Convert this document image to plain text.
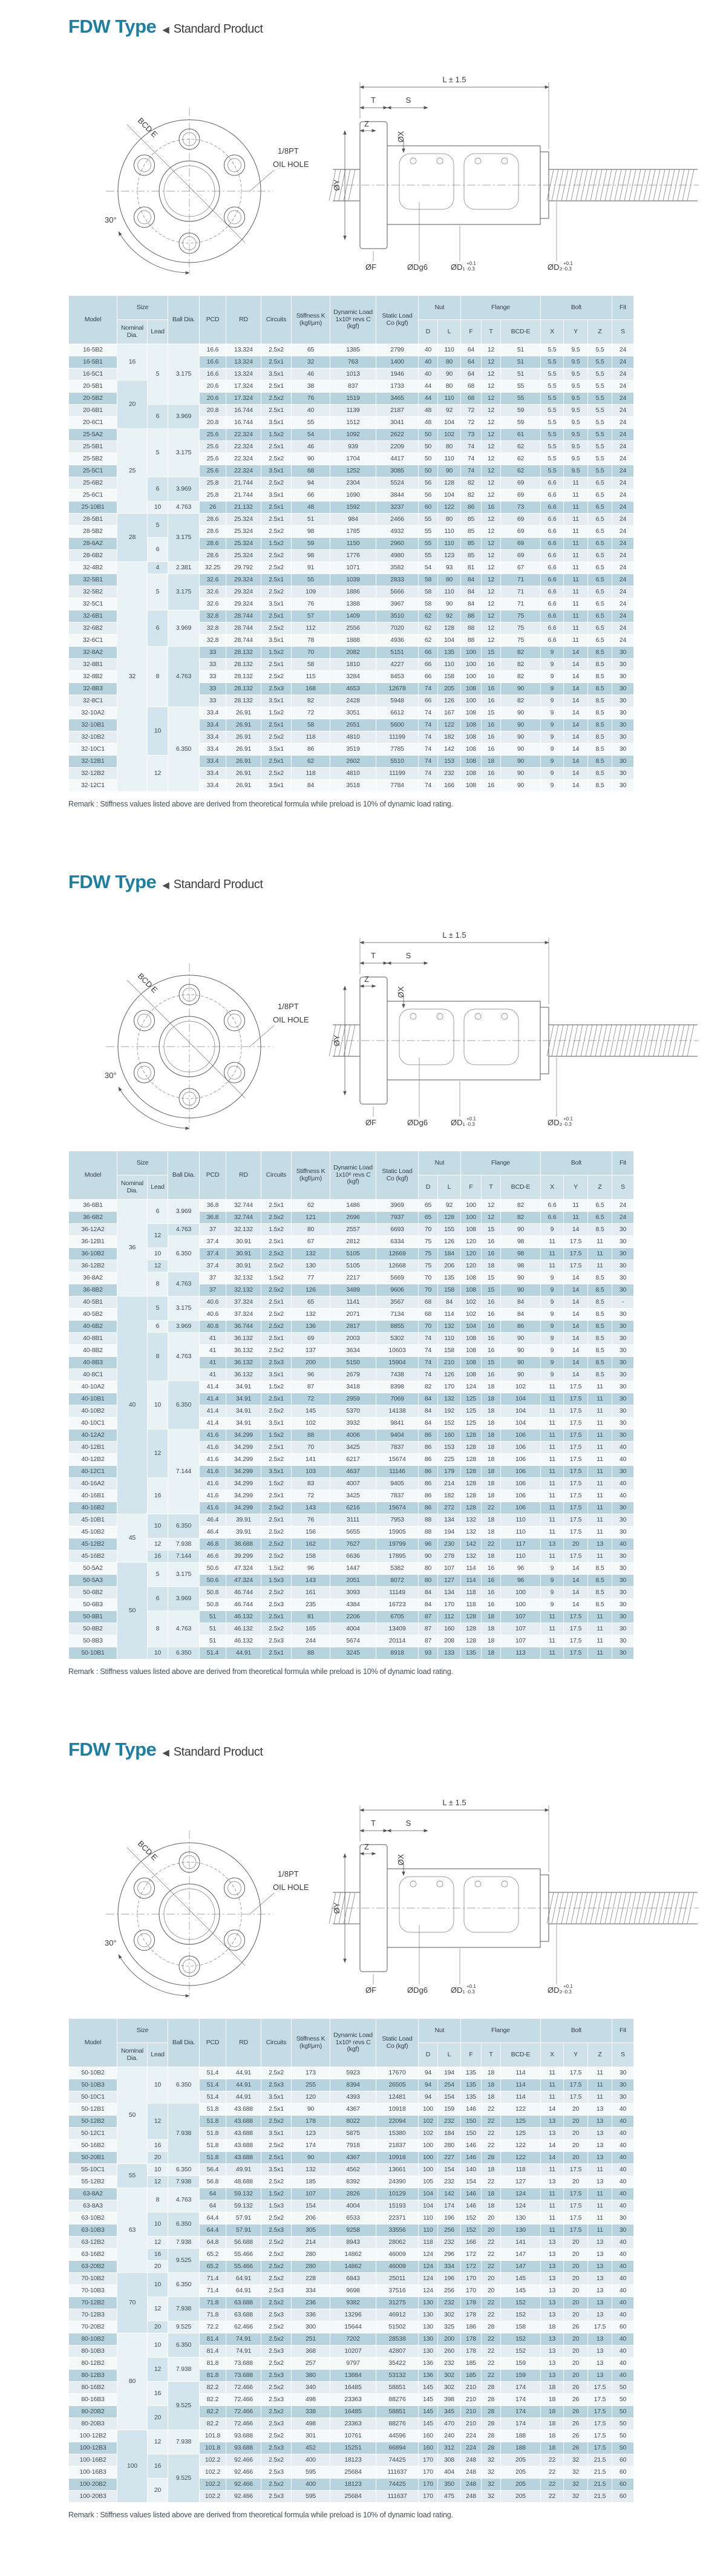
FDW Type ◀ Standard Product
BCD E
30°
1/8PT
OIL HOLE
L ± 1.5
T	S
Z
ØX
ØY
ØF	ØDg6	ØD₁ +0.1
-0.3	ØD₂ +0.1
-0.3
Model	Size		Ball Dia.	PCD	RD	Circuits	Stiffness K (kgf/μm)	Dynamic Load 1x10⁶ revs C (kgf)	Static Load Co (kgf)	Nut		Flange			Bolt			Fit
	Nominal Dia.	Lead								D	L	F	T	BCD-E	X	Y	Z	S
16-5B2	16	5	3.175	16.6	13.324	2.5x2	65	1385	2799	40	110	64	12	51	5.5	9.5	5.5	24
16-5B1				16.6	13.324	2.5x1	32	763	1400	40	80	64	12	51	5.5	9.5	5.5	24
16-5C1				16.6	13.324	3.5x1	46	1013	1946	40	90	64	12	51	5.5	9.5	5.5	24
20-5B1	20			20.6	17.324	2.5x1	38	837	1733	44	80	68	12	55	5.5	9.5	5.5	24
20-5B2				20.6	17.324	2.5x2	76	1519	3465	44	110	68	12	55	5.5	9.5	5.5	24
20-6B1		6	3.969	20.8	16.744	2.5x1	40	1139	2187	48	92	72	12	59	5.5	9.5	5.5	24
20-6C1				20.8	16.744	3.5x1	55	1512	3041	48	104	72	12	59	5.5	9.5	5.5	24
25-5A2	25	5	3.175	25.6	22.324	1.5x2	54	1092	2622	50	102	73	12	61	5.5	9.5	5.5	24
25-5B1				25.6	22.324	2.5x1	46	939	2209	50	80	74	12	62	5.5	9.5	5.5	24
25-5B2				25.6	22.324	2.5x2	90	1704	4417	50	110	74	12	62	5.5	9.5	5.5	24
25-5C1				25.6	22.324	3.5x1	68	1252	3085	50	90	74	12	62	5.5	9.5	5.5	24
25-6B2		6	3.969	25.8	21.744	2.5x2	94	2304	5524	56	128	82	12	69	6.6	11	6.5	24
25-6C1				25.8	21.744	3.5x1	66	1690	3844	56	104	82	12	69	6.6	11	6.5	24
25-10B1		10	4.763	26	21.132	2.5x1	48	1592	3237	60	122	86	16	73	6.6	11	6.5	24
28-5B1	28	5	3.175	28.6	25.324	2.5x1	51	984	2466	55	80	85	12	69	6.6	11	6.5	24
28-5B2				28.6	25.324	2.5x2	98	1785	4932	55	110	85	12	69	6.6	11	6.5	24
28-6A2		6		28.6	25.324	1.5x2	59	1150	2960	55	110	85	12	69	6.6	11	6.5	24
28-6B2				28.6	25.324	2.5x2	98	1776	4980	55	123	85	12	69	6.6	11	6.5	24
32-4B2	32	4	2.381	32.25	29.792	2.5x2	91	1071	3582	54	93	81	12	67	6.6	11	6.5	24
32-5B1		5	3.175	32.6	29.324	2.5x1	55	1039	2833	58	80	84	12	71	6.6	11	6.5	24
32-5B2				32.6	29.324	2.5x2	109	1886	5666	58	110	84	12	71	6.6	11	6.5	24
32-5C1				32.6	29.324	3.5x1	76	1388	3967	58	90	84	12	71	6.6	11	6.5	24
32-6B1		6	3.969	32.8	28.744	2.5x1	57	1409	3510	62	92	88	12	75	6.6	11	6.5	24
32-6B2				32.8	28.744	2.5x2	112	2556	7020	62	128	88	12	75	6.6	11	6.5	24
32-6C1				32.8	28.744	3.5x1	78	1888	4936	62	104	88	12	75	6.6	11	6.5	24
32-8A2		8	4.763	33	28.132	1.5x2	70	2082	5151	66	135	100	15	82	9	14	8.5	30
32-8B1				33	28.132	2.5x1	58	1810	4227	66	110	100	16	82	9	14	8.5	30
32-8B2				33	28.132	2.5x2	115	3284	8453	66	158	100	16	82	9	14	8.5	30
32-8B3				33	28.132	2.5x3	168	4653	12678	74	205	108	16	90	9	14	8.5	30
32-8C1				33	28.132	3.5x1	82	2428	5948	66	126	100	16	82	9	14	8.5	30
32-10A2		10	6.350	33.4	26.91	1.5x2	72	3051	6612	74	167	108	15	90	9	14	8.5	30
32-10B1				33.4	26.91	2.5x1	58	2651	5600	74	122	108	16	90	9	14	8.5	30
32-10B2				33.4	26.91	2.5x2	118	4810	11199	74	182	108	16	90	9	14	8.5	30
32-10C1				33.4	26.91	3.5x1	86	3519	7785	74	142	108	16	90	9	14	8.5	30
32-12B1		12		33.4	26.91	2.5x1	62	2602	5510	74	153	108	18	90	9	14	8.5	30
32-12B2				33.4	26.91	2.5x2	118	4810	11199	74	232	108	16	90	9	14	8.5	30
32-12C1				33.4	26.91	3.5x1	84	3518	7784	74	166	108	16	90	9	14	8.5	30
Remark : Stiffness values listed above are derived from theoretical formula while preload is 10% of dynamic load rating.
FDW Type ◀ Standard Product
BCD E
30°
1/8PT
OIL HOLE
L ± 1.5
T	S
Z
ØX
ØY
ØF	ØDg6	ØD₁ +0.1
-0.3	ØD₂ +0.1
-0.3
Model	Size		Ball Dia.	PCD	RD	Circuits	Stiffness K (kgf/μm)	Dynamic Load 1x10⁶ revs C (kgf)	Static Load Co (kgf)	Nut		Flange			Bolt			Fit
	Nominal Dia.	Lead								D	L	F	T	BCD-E	X	Y	Z	S
36-6B1	36	6	3.969	36.8	32.744	2.5x1	62	1486	3969	65	92	100	12	82	6.6	11	6.5	24
36-6B2				36.8	32.744	2.5x2	121	2696	7937	65	128	100	12	82	6.6	11	6.5	24
36-12A2		12	4.763	37	32.132	1.5x2	80	2557	6693	70	155	108	15	90	9	14	8.5	30
36-12B1			6.350	37.4	30.91	2.5x1	67	2812	6334	75	126	120	16	98	11	17.5	11	30
36-10B2		10		37.4	30.91	2.5x2	132	5105	12669	75	184	120	16	98	11	17.5	11	30
36-12B2		12		37.4	30.91	2.5x2	130	5105	12668	75	206	120	18	98	11	17.5	11	30
36-8A2		8	4.763	37	32.132	1.5x2	77	2217	5669	70	135	108	15	90	9	14	8.5	30
36-8B2				37	32.132	2.5x2	126	3489	9606	70	158	108	15	90	9	14	8.5	30
40-5B1	40	5	3.175	40.6	37.324	2.5x1	65	1141	3567	68	84	102	16	84	9	14	8.5	-
40-5B2				40.6	37.324	2.5x2	132	2071	7134	68	114	102	16	84	9	14	8.5	30
40-6B2		6	3.969	40.8	36.744	2.5x2	136	2817	8855	70	132	104	16	86	9	14	8.5	30
40-8B1		8	4.763	41	36.132	2.5x1	69	2003	5302	74	110	108	16	90	9	14	8.5	30
40-8B2				41	36.132	2.5x2	137	3634	10603	74	158	108	16	90	9	14	8.5	30
40-8B3				41	36.132	2.5x3	200	5150	15904	74	210	108	15	90	9	14	8.5	30
40-8C1				41	36.132	3.5x1	96	2679	7438	74	126	108	16	90	9	14	8.5	30
40-10A2		10	6.350	41.4	34.91	1.5x2	87	3418	8398	82	170	124	18	102	11	17.5	11	30
40-10B1				41.4	34.91	2.5x1	72	2959	7069	84	132	125	18	104	11	17.5	11	30
40-10B2				41.4	34.91	2.5x2	145	5370	14138	84	192	125	18	104	11	17.5	11	30
40-10C1				41.4	34.91	3.5x1	102	3932	9841	84	152	125	18	104	11	17.5	11	30
40-12A2		12	7.144	41.6	34.299	1.5x2	88	4006	9404	86	160	128	18	106	11	17.5	11	30
40-12B1				41.6	34.299	2.5x1	70	3425	7837	86	153	128	18	106	11	17.5	11	40
40-12B2				41.6	34.299	2.5x2	141	6217	15674	86	225	128	18	106	11	17.5	11	40
40-12C1				41.6	34.299	3.5x1	103	4637	11146	86	179	128	18	106	11	17.5	11	30
40-16A2		16		41.6	34.299	1.5x2	83	4007	9405	86	214	128	18	106	11	17.5	11	40
40-16B1				41.6	34.299	2.5x1	72	3425	7837	86	182	128	18	106	11	17.5	11	40
40-16B2				41.6	34.299	2.5x2	143	6216	15674	86	272	128	22	106	11	17.5	11	30
45-10B1	45	10	6.350	46.4	39.91	2.5x1	76	3111	7953	88	134	132	18	110	11	17.5	11	30
45-10B2				46.4	39.91	2.5x2	156	5655	15905	88	194	132	18	110	11	17.5	11	30
45-12B2		12	7.938	46.8	38.688	2.5x2	162	7627	19799	96	230	142	22	117	13	20	13	40
45-16B2		16	7.144	46.6	39.299	2.5x2	158	6636	17895	90	278	132	18	110	11	17.5	11	30
50-5A2	50	5	3.175	50.6	47.324	1.5x2	96	1447	5382	80	107	114	16	96	9	14	8.5	30
50-5A3				50.6	47.324	1.5x3	143	2051	8072	80	127	114	16	96	9	14	8.5	30
50-6B2		6	3.969	50.8	46.744	2.5x2	161	3093	11149	84	134	118	16	100	9	14	8.5	30
50-6B3				50.8	46.744	2.5x3	235	4384	16723	84	170	118	16	100	9	14	8.5	30
50-8B1		8	4.763	51	46.132	2.5x1	81	2206	6705	87	112	128	18	107	11	17.5	11	30
50-8B2				51	46.132	2.5x2	165	4004	13409	87	160	128	18	107	11	17.5	11	30
50-8B3				51	46.132	2.5x3	244	5674	20114	87	208	128	18	107	11	17.5	11	30
50-10B1		10	6.350	51.4	44.91	2.5x1	88	3245	8918	93	133	135	18	113	11	17.5	11	30
Remark : Stiffness values listed above are derived from theoretical formula while preload is 10% of dynamic load rating.
FDW Type ◀ Standard Product
BCD E
30°
1/8PT
OIL HOLE
L ± 1.5
T	S
Z
ØX
ØY
ØF	ØDg6	ØD₁ +0.1
-0.3	ØD₂ +0.1
-0.3
Model	Size		Ball Dia.	PCD	RD	Circuits	Stiffness K (kgf/μm)	Dynamic Load 1x10⁶ revs C (kgf)	Static Load Co (kgf)	Nut		Flange			Bolt			Fit
	Nominal Dia.	Lead								D	L	F	T	BCD-E	X	Y	Z	S
50-10B2	50	10	6.350	51.4	44.91	2.5x2	173	5923	17670	94	194	135	18	114	11	17.5	11	30
50-10B3				51.4	44.91	2.5x3	255	8394	26505	94	254	135	18	114	11	17.5	11	30
50-10C1				51.4	44.91	3.5x1	120	4393	12481	94	154	135	18	114	11	17.5	11	30
50-12B1		12	7.938	51.8	43.688	2.5x1	90	4367	10918	100	159	146	22	122	14	20	13	40
50-12B2				51.8	43.688	2.5x2	178	8022	22094	102	232	150	22	125	13	20	13	40
50-12C1				51.8	43.688	3.5x1	123	5875	15380	102	184	150	22	125	13	20	13	40
50-16B2		16		51.8	43.688	2.5x2	174	7918	21837	100	280	146	22	122	14	20	13	40
50-20B1		20		51.8	43.688	2.5x1	90	4367	10918	100	227	146	28	122	14	20	13	40
55-10C1	55	10	6.350	56.4	49.91	3.5x1	132	4562	13661	100	154	140	18	118	11	17.5	11	40
55-12B2		12	7.938	56.8	48.688	2.5x2	185	8392	24390	105	232	154	22	127	13	20	13	40
63-8A2	63	8	4.763	64	59.132	1.5x2	107	2826	10129	104	142	146	18	124	11	17.5	11	40
63-8A3				64	59.132	1.5x3	154	4004	15193	104	174	146	18	124	11	17.5	11	40
63-10B2		10	6.350	64.4	57.91	2.5x2	206	6533	22371	110	196	152	20	130	11	17.5	11	30
63-10B3				64.4	57.91	2.5x3	305	9258	33556	110	256	152	20	130	11	17.5	11	30
63-12B2		12	7.938	64.8	56.688	2.5x2	214	8943	28062	118	232	166	22	141	13	20	13	40
63-16B2		16	9.525	65.2	55.466	2.5x2	280	14862	46009	124	296	172	22	147	13	20	13	40
63-20B2		20		65.2	55.466	2.5x2	280	14862	46009	124	334	172	22	147	13	20	13	40
70-10B2	70	10	6.350	71.4	64.91	2.5x2	228	6843	25011	124	196	170	20	145	13	20	13	40
70-10B3				71.4	64.91	2.5x3	334	9698	37516	124	256	170	20	145	13	20	13	40
70-12B2		12	7.938	71.8	63.688	2.5x2	236	9382	31275	130	232	178	22	152	13	20	13	40
70-12B3				71.8	63.688	2.5x3	336	13296	46912	130	302	178	22	152	13	20	13	40
70-20B2		20	9.525	72.2	62.466	2.5x2	300	15644	51502	130	325	186	28	158	18	26	17.5	60
80-10B2	80	10	6.350	81.4	74.91	2.5x2	251	7202	28538	130	200	178	22	152	13	20	13	40
80-10B3				81.4	74.91	2.5x3	368	10207	42807	130	260	178	22	152	13	20	13	40
80-12B2		12	7.938	81.8	73.688	2.5x2	257	9797	35422	136	232	185	22	159	13	20	13	40
80-12B3				81.8	73.688	2.5x3	380	13884	53132	136	302	185	22	159	13	20	13	40
80-16B2		16	9.525	82.2	72.466	2.5x2	340	16485	58851	145	302	210	28	174	18	26	17.5	50
80-16B3				82.2	72.466	2.5x3	498	23363	88276	145	398	210	28	174	18	26	17.5	50
80-20B2		20		82.2	72.466	2.5x2	338	16485	58851	145	345	210	28	174	18	26	17.5	50
80-20B3				82.2	72.466	2.5x3	498	23363	88276	145	470	210	28	174	18	26	17.5	50
100-12B2	100	12	7.938	101.8	93.688	2.5x2	301	10761	44596	160	240	224	28	188	18	26	17.5	50
100-12B3				101.8	93.688	2.5x3	452	15251	66894	160	312	224	28	188	18	26	17.5	50
100-16B2		16	9.525	102.2	92.466	2.5x2	400	18123	74425	170	308	248	32	205	22	32	21.5	60
100-16B3				102.2	92.466	2.5x3	595	25684	111637	170	404	248	32	205	22	32	21.5	60
100-20B2		20		102.2	92.466	2.5x2	400	18123	74425	170	350	248	32	205	22	32	21.5	60
100-20B3				102.2	92.466	2.5x3	595	25684	111637	170	475	248	32	205	22	32	21.5	60
Remark : Stiffness values listed above are derived from theoretical formula while preload is 10% of dynamic load rating.
